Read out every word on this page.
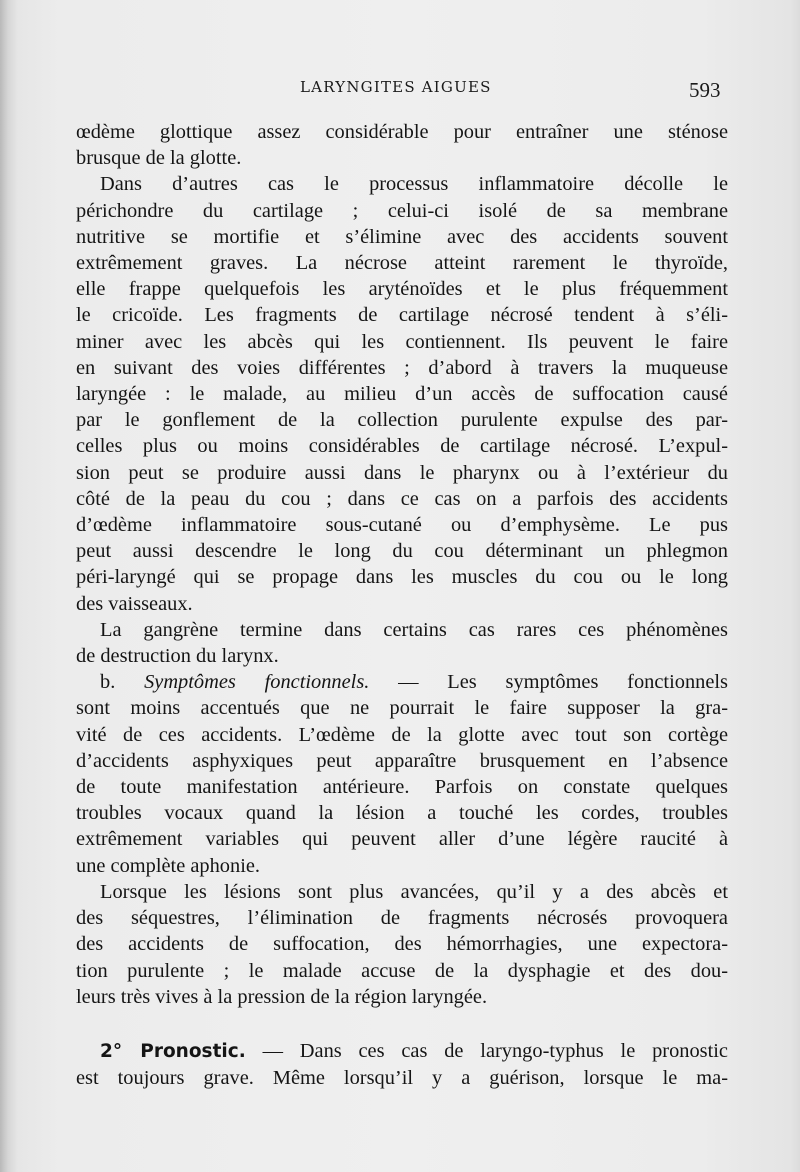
LARYNGITES AIGUES	593
œdème glottique assez considérable pour entraîner une sténose
brusque de la glotte.
Dans d’autres cas le processus inflammatoire décolle le
périchondre du cartilage ; celui-ci isolé de sa membrane
nutritive se mortifie et s’élimine avec des accidents souvent
extrêmement graves. La nécrose atteint rarement le thyroïde,
elle frappe quelquefois les aryténoïdes et le plus fréquemment
le cricoïde. Les fragments de cartilage nécrosé tendent à s’éli-
miner avec les abcès qui les contiennent. Ils peuvent le faire
en suivant des voies différentes ; d’abord à travers la muqueuse
laryngée : le malade, au milieu d’un accès de suffocation causé
par le gonflement de la collection purulente expulse des par-
celles plus ou moins considérables de cartilage nécrosé. L’expul-
sion peut se produire aussi dans le pharynx ou à l’extérieur du
côté de la peau du cou ; dans ce cas on a parfois des accidents
d’œdème inflammatoire sous-cutané ou d’emphysème. Le pus
peut aussi descendre le long du cou déterminant un phlegmon
péri-laryngé qui se propage dans les muscles du cou ou le long
des vaisseaux.
La gangrène termine dans certains cas rares ces phénomènes
de destruction du larynx.
b. Symptômes fonctionnels. — Les symptômes fonctionnels
sont moins accentués que ne pourrait le faire supposer la gra-
vité de ces accidents. L’œdème de la glotte avec tout son cortège
d’accidents asphyxiques peut apparaître brusquement en l’absence
de toute manifestation antérieure. Parfois on constate quelques
troubles vocaux quand la lésion a touché les cordes, troubles
extrêmement variables qui peuvent aller d’une légère raucité à
une complète aphonie.
Lorsque les lésions sont plus avancées, qu’il y a des abcès et
des séquestres, l’élimination de fragments nécrosés provoquera
des accidents de suffocation, des hémorrhagies, une expectora-
tion purulente ; le malade accuse de la dysphagie et des dou-
leurs très vives à la pression de la région laryngée.
2° Pronostic. — Dans ces cas de laryngo-typhus le pronostic
est toujours grave. Même lorsqu’il y a guérison, lorsque le ma-
